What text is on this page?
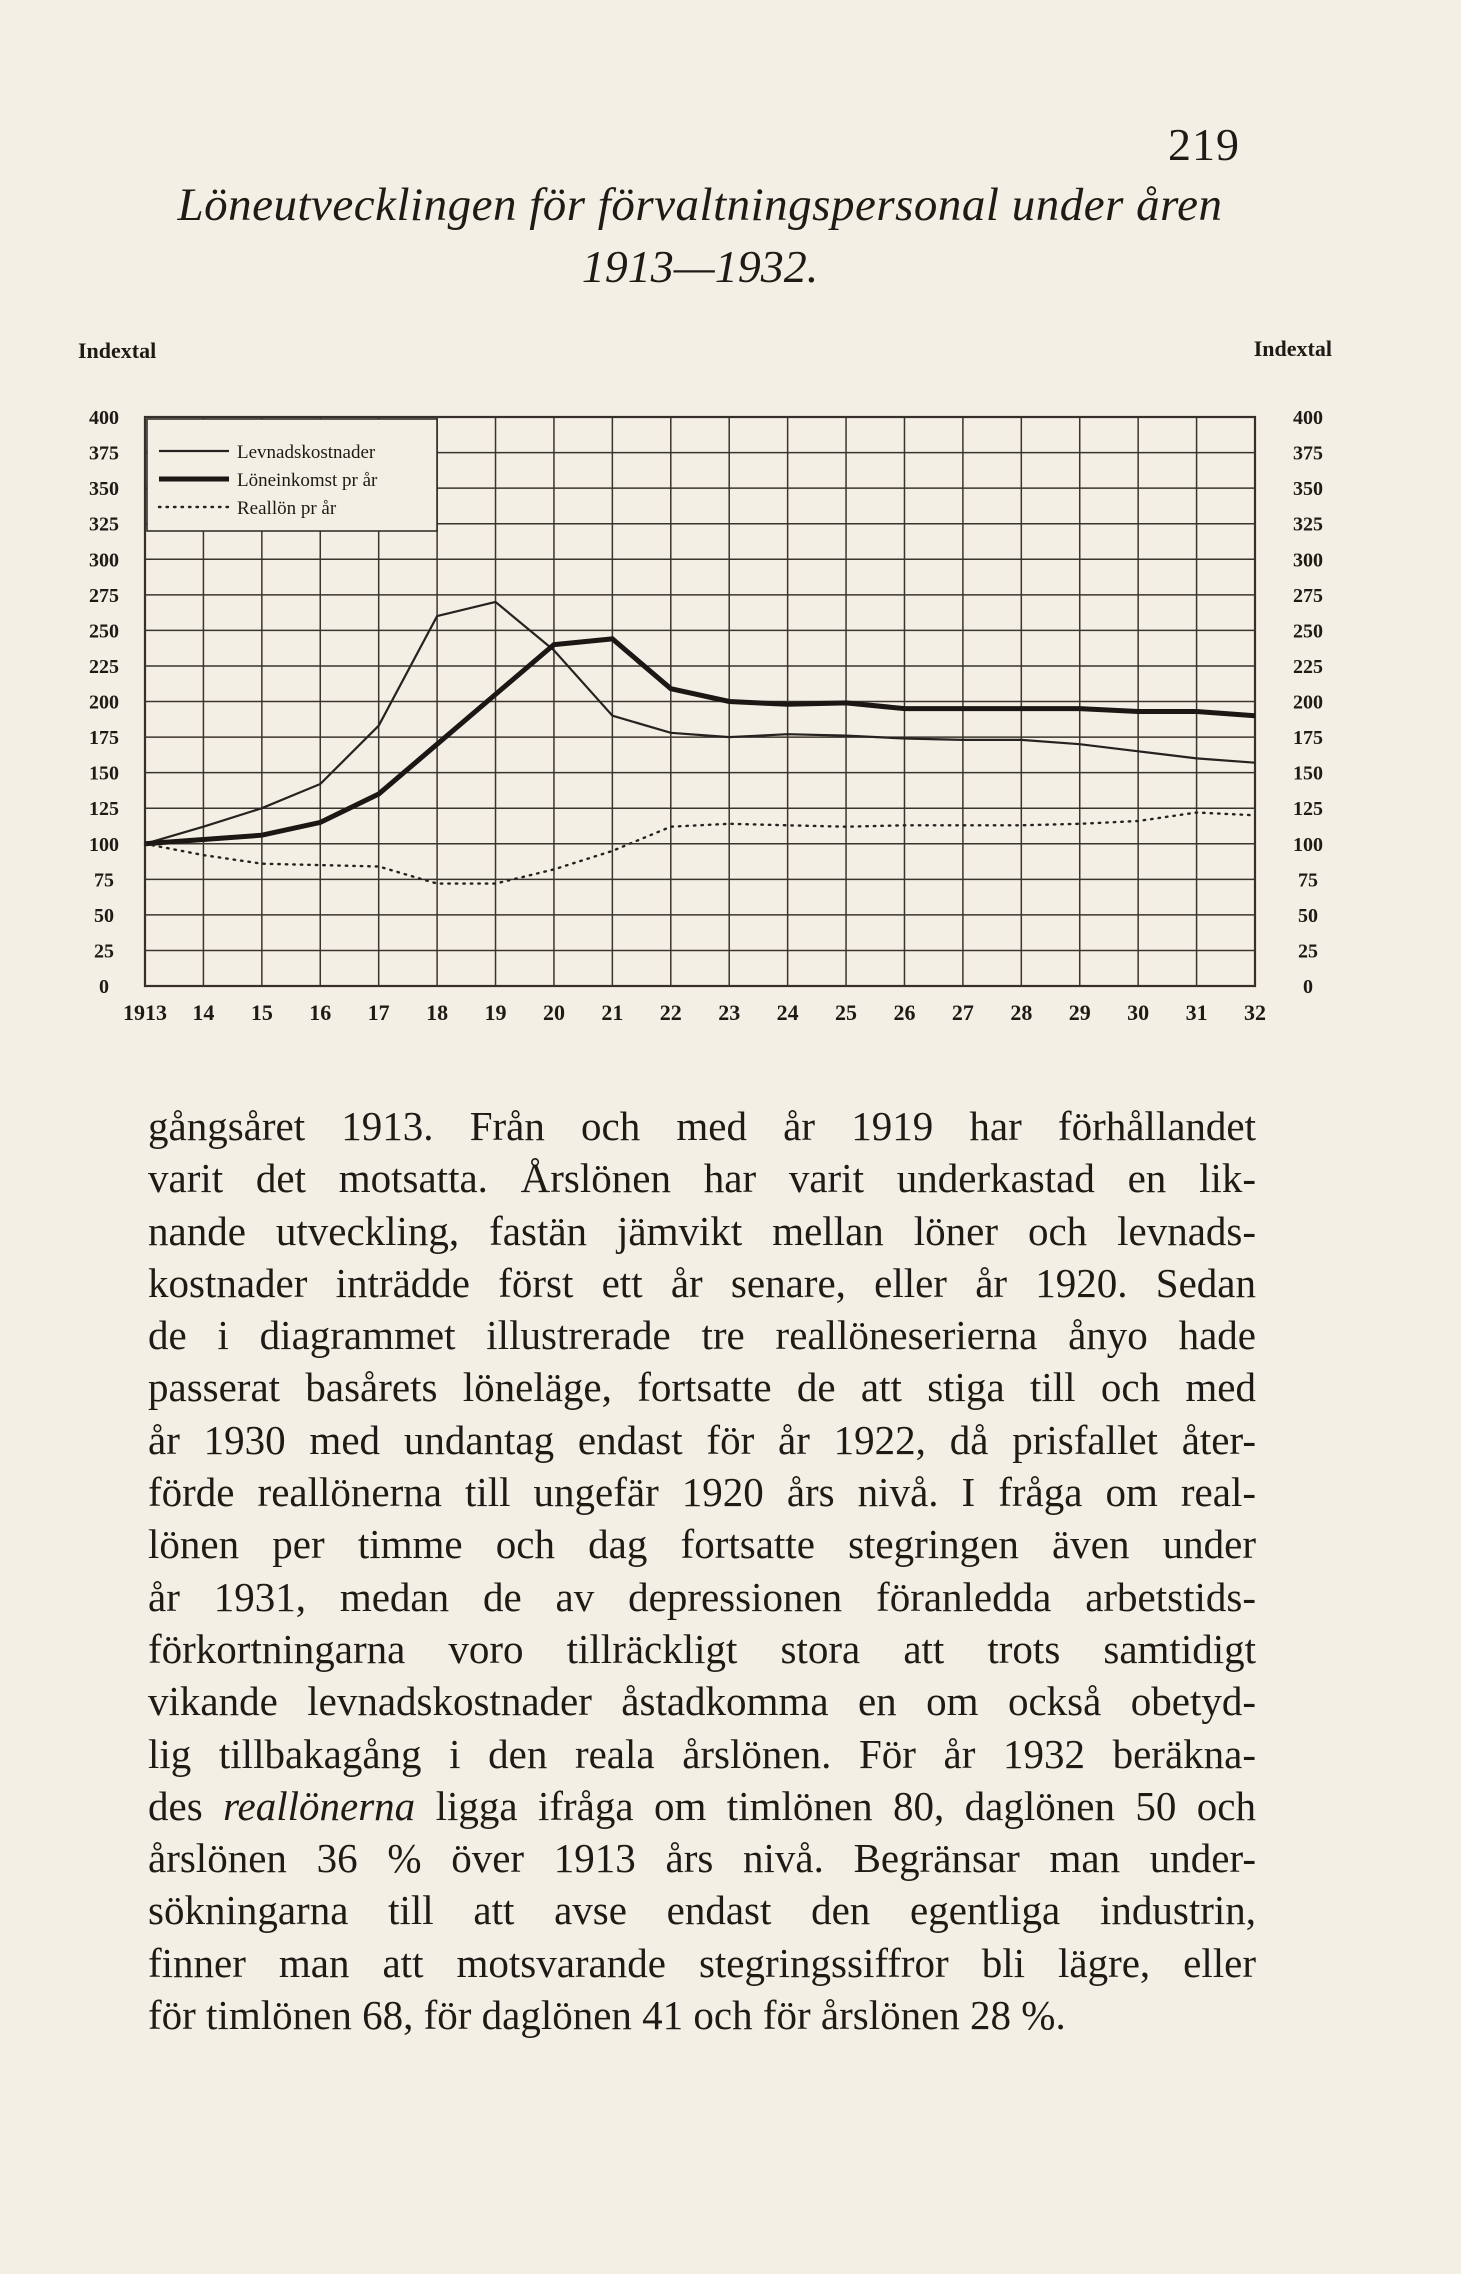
219
Löneutvecklingen för förvaltningspersonal under åren
1913—1932.
0	0
25	25
50	50
75	75
100	100
125	125
150	150
175	175
200	200
225	225
250	250
275	275
300	300
325	325
350	350
375	375
400	400
Indextal	Indextal
1913 14 15 16 17 18 19 20 21 22 23 24 25 26 27 28 29 30 31 32
Levnadskostnader
Löneinkomst pr år
Reallön pr år
gångsåret 1913. Från och med år 1919 har förhållandet
varit det motsatta. Årslönen har varit underkastad en lik-
nande utveckling, fastän jämvikt mellan löner och levnads-
kostnader inträdde först ett år senare, eller år 1920. Sedan
de i diagrammet illustrerade tre reallöneserierna ånyo hade
passerat basårets löneläge, fortsatte de att stiga till och med
år 1930 med undantag endast för år 1922, då prisfallet åter-
förde reallönerna till ungefär 1920 års nivå. I fråga om real-
lönen per timme och dag fortsatte stegringen även under
år 1931, medan de av depressionen föranledda arbetstids-
förkortningarna voro tillräckligt stora att trots samtidigt
vikande levnadskostnader åstadkomma en om också obetyd-
lig tillbakagång i den reala årslönen. För år 1932 beräkna-
des reallönerna ligga ifråga om timlönen 80, daglönen 50 och
årslönen 36 % över 1913 års nivå. Begränsar man under-
sökningarna till att avse endast den egentliga industrin,
finner man att motsvarande stegringssiffror bli lägre, eller
för timlönen 68, för daglönen 41 och för årslönen 28 %.
